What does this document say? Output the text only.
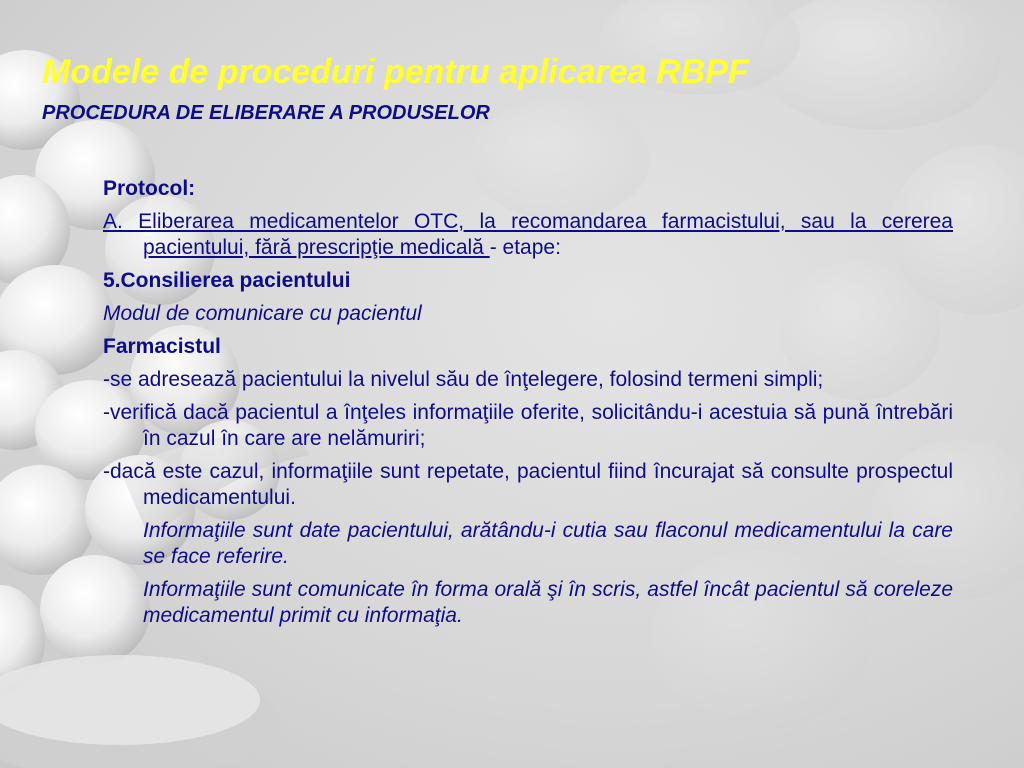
Modele de proceduri pentru aplicarea RBPF
PROCEDURA DE ELIBERARE A PRODUSELOR

Protocol:

A. Eliberarea medicamentelor OTC, la recomandarea farmacistului, sau la cererea pacientului, fără prescripţie medicală - etape:

5.Consilierea pacientului

Modul de comunicare cu pacientul

Farmacistul

-se adresează pacientului la nivelul său de înţelegere, folosind termeni simpli;

-verifică dacă pacientul a înţeles informaţiile oferite, solicitându-i acestuia să pună întrebări în cazul în care are nelămuriri;

-dacă este cazul, informaţiile sunt repetate, pacientul fiind încurajat să consulte prospectul medicamentului.

Informaţiile sunt date pacientului, arătându-i cutia sau flaconul medicamentului la care se face referire.

Informaţiile sunt comunicate în forma orală şi în scris, astfel încât pacientul să coreleze medicamentul primit cu informaţia.
